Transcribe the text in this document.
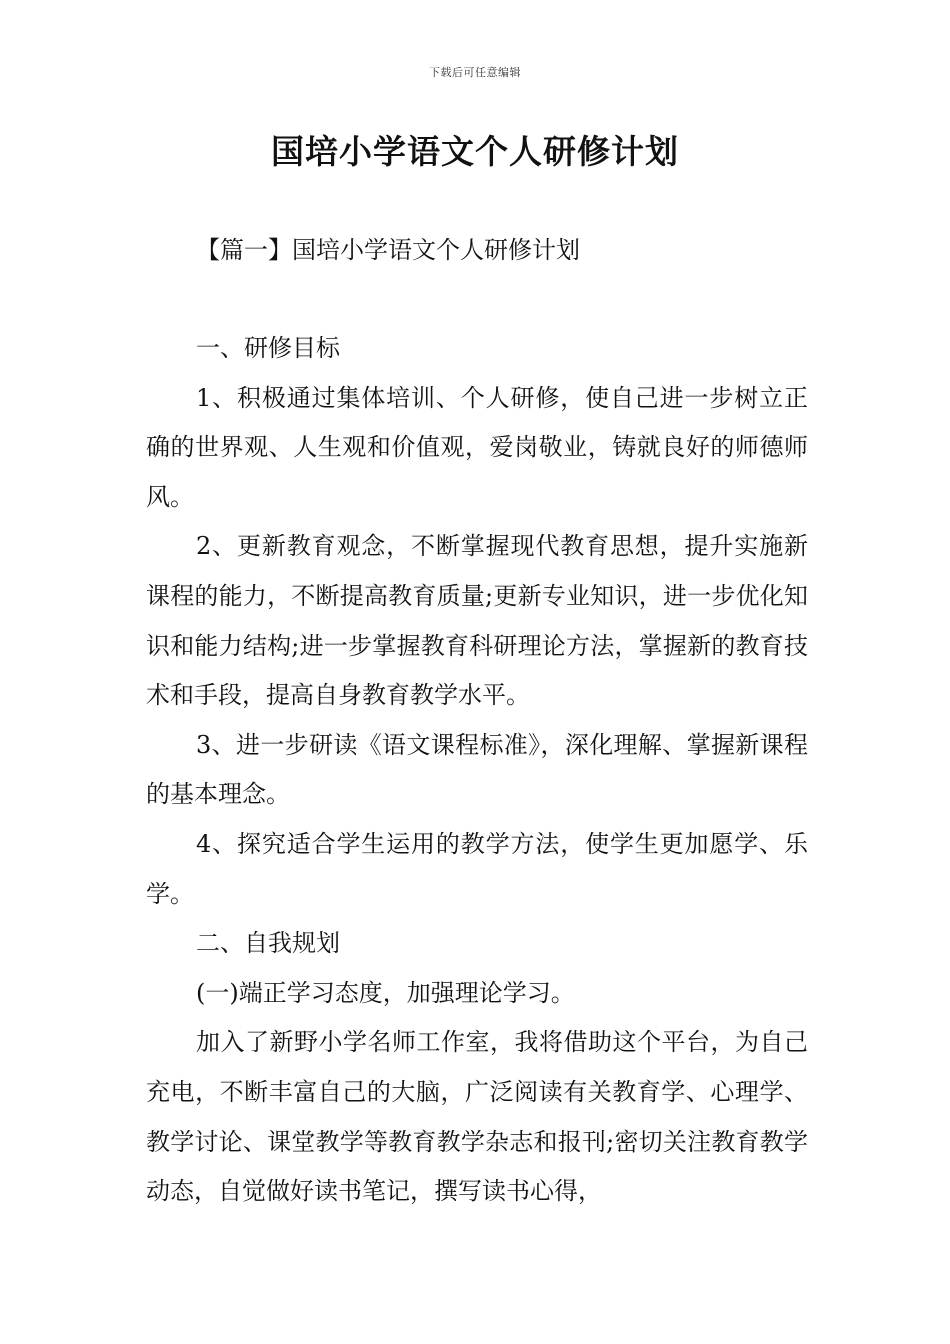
下载后可任意编辑
国培小学语文个人研修计划
【篇一】国培小学语文个人研修计划

一、研修目标

1、积极通过集体培训、个人研修，使自己进一步树立正确的世界观、人生观和价值观，爱岗敬业，铸就良好的师德师风。

2、更新教育观念，不断掌握现代教育思想，提升实施新课程的能力，不断提高教育质量;更新专业知识，进一步优化知识和能力结构;进一步掌握教育科研理论方法，掌握新的教育技术和手段，提高自身教育教学水平。

3、进一步研读《语文课程标准》，深化理解、掌握新课程的基本理念。

4、探究适合学生运用的教学方法，使学生更加愿学、乐学。

二、自我规划

(一)端正学习态度，加强理论学习。

加入了新野小学名师工作室，我将借助这个平台，为自己充电，不断丰富自己的大脑，广泛阅读有关教育学、心理学、教学讨论、课堂教学等教育教学杂志和报刊;密切关注教育教学动态，自觉做好读书笔记，撰写读书心得，
